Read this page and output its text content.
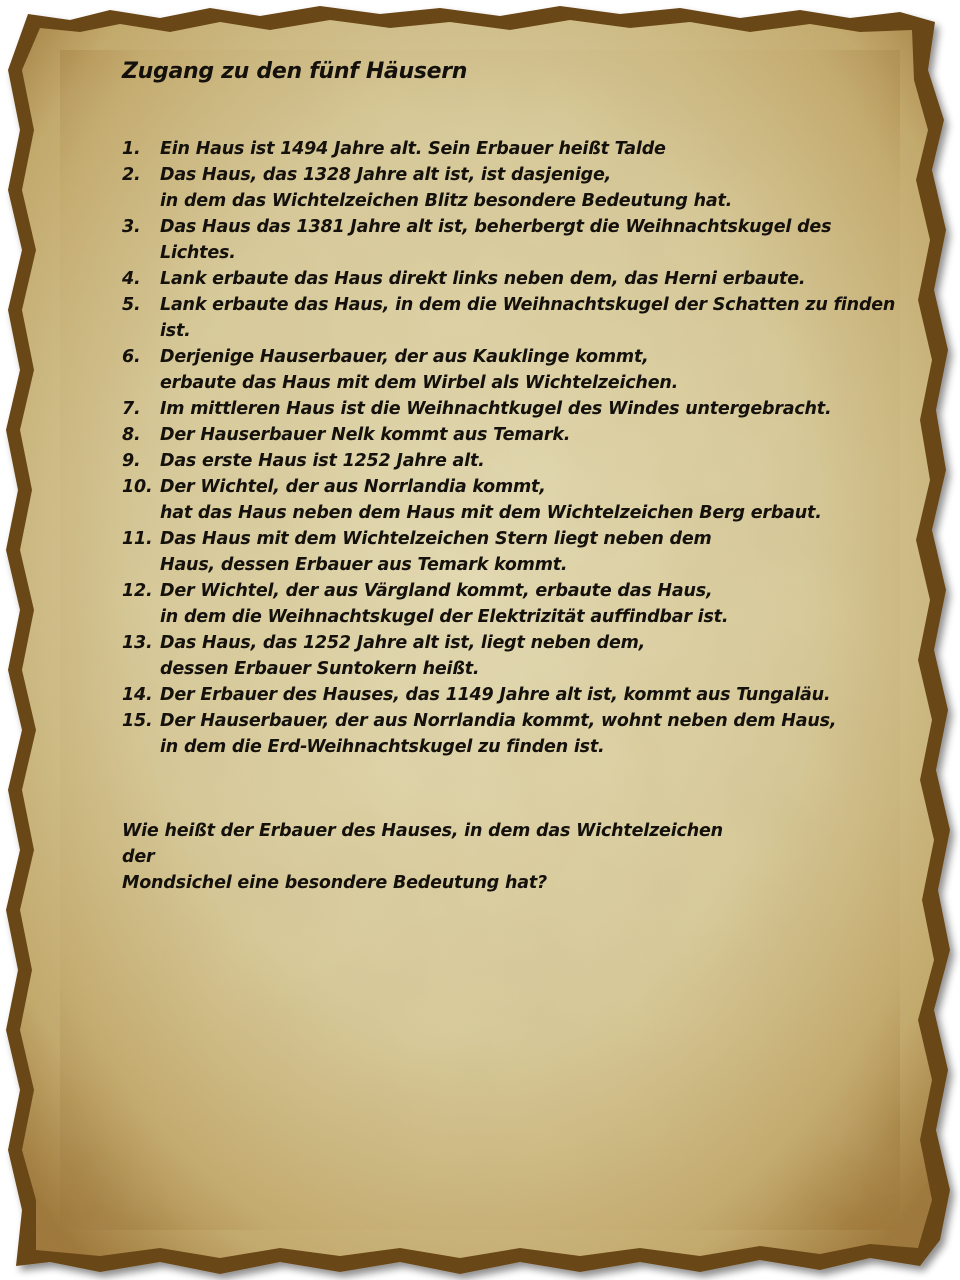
Zugang zu den fünf Häusern
1.	Ein Haus ist 1494 Jahre alt. Sein Erbauer heißt Talde
2.	Das Haus, das 1328 Jahre alt ist, ist dasjenige,
in dem das Wichtelzeichen Blitz besondere Bedeutung hat.
3.	Das Haus das 1381 Jahre alt ist, beherbergt die Weihnachtskugel des Lichtes.
4.	Lank erbaute das Haus direkt links neben dem, das Herni erbaute.
5.	Lank erbaute das Haus, in dem die Weihnachtskugel der Schatten zu finden ist.
6.	Derjenige Hauserbauer, der aus Kauklinge kommt,
erbaute das Haus mit dem Wirbel als Wichtelzeichen.
7.	Im mittleren Haus ist die Weihnachtkugel des Windes untergebracht.
8.	Der Hauserbauer Nelk kommt aus Temark.
9.	Das erste Haus ist 1252 Jahre alt.
10. Der Wichtel, der aus Norrlandia kommt,
hat das Haus neben dem Haus mit dem Wichtelzeichen Berg erbaut.
11. Das Haus mit dem Wichtelzeichen Stern liegt neben dem
Haus, dessen Erbauer aus Temark kommt.
12. Der Wichtel, der aus Värgland kommt, erbaute das Haus,
in dem die Weihnachtskugel der Elektrizität auffindbar ist.
13. Das Haus, das 1252 Jahre alt ist, liegt neben dem,
dessen Erbauer Suntokern heißt.
14. Der Erbauer des Hauses, das 1149 Jahre alt ist, kommt aus Tungaläu.
15. Der Hauserbauer, der aus Norrlandia kommt, wohnt neben dem Haus,
in dem die Erd-Weihnachtskugel zu finden ist.

Wie heißt der Erbauer des Hauses, in dem das Wichtelzeichen der
Mondsichel eine besondere Bedeutung hat?
